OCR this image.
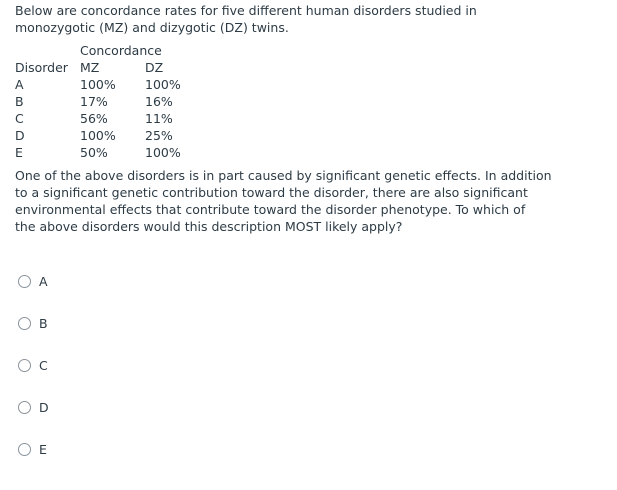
Below are concordance rates for five different human disorders studied in
monozygotic (MZ) and dizygotic (DZ) twins.

	Concordance	
Disorder	MZ	DZ
A	100%	100%
B	17%	16%
C	56%	11%
D	100%	25%
E	50%	100%

One of the above disorders is in part caused by significant genetic effects. In addition
to a significant genetic contribution toward the disorder, there are also significant
environmental effects that contribute toward the disorder phenotype. To which of
the above disorders would this description MOST likely apply?

A
B
C
D
E
